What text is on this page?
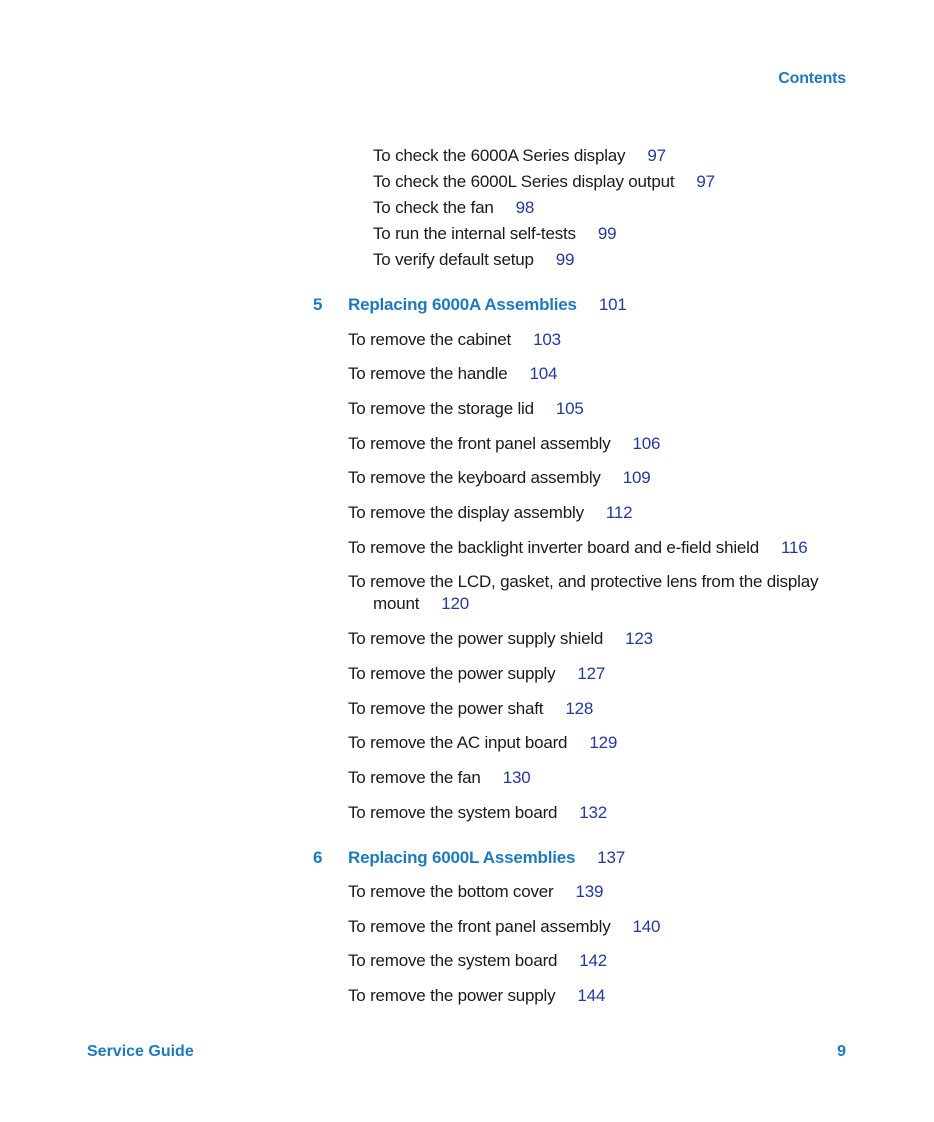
Contents
To check the 6000A Series display 97
To check the 6000L Series display output 97
To check the fan 98
To run the internal self-tests 99
To verify default setup 99
5 Replacing 6000A Assemblies 101
To remove the cabinet 103
To remove the handle 104
To remove the storage lid 105
To remove the front panel assembly 106
To remove the keyboard assembly 109
To remove the display assembly 112
To remove the backlight inverter board and e-field shield 116
To remove the LCD, gasket, and protective lens from the display
mount 120
To remove the power supply shield 123
To remove the power supply 127
To remove the power shaft 128
To remove the AC input board 129
To remove the fan 130
To remove the system board 132
6 Replacing 6000L Assemblies 137
To remove the bottom cover 139
To remove the front panel assembly 140
To remove the system board 142
To remove the power supply 144
Service Guide	9
